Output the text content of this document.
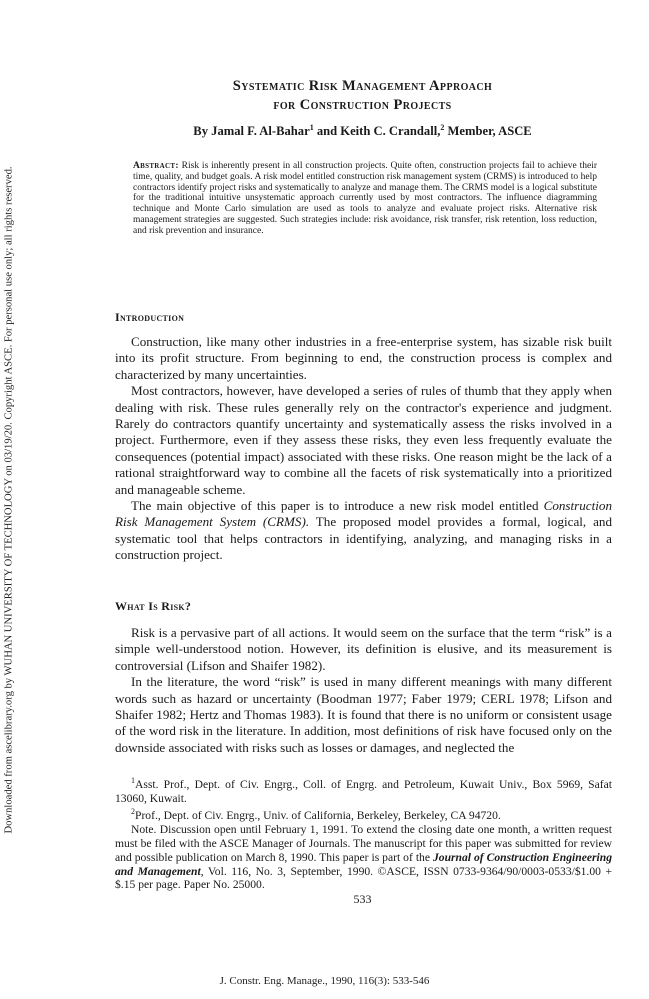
Downloaded from ascelibrary.org by WUHAN UNIVERSITY OF TECHNOLOGY on 03/19/20. Copyright ASCE. For personal use only; all rights reserved.
Systematic Risk Management Approach
for Construction Projects
By Jamal F. Al-Bahar$^1$ and Keith C. Crandall,$^2$ Member, ASCE
Abstract: Risk is inherently present in all construction projects. Quite often, construction projects fail to achieve their time, quality, and budget goals. A risk model entitled construction risk management system (CRMS) is introduced to help contractors identify project risks and systematically to analyze and manage them. The CRMS model is a logical substitute for the traditional intuitive unsystematic approach currently used by most contractors. The influence diagramming technique and Monte Carlo simulation are used as tools to analyze and evaluate project risks. Alternative risk management strategies are suggested. Such strategies include: risk avoidance, risk transfer, risk retention, loss reduction, and risk prevention and insurance.
Introduction

Construction, like many other industries in a free-enterprise system, has sizable risk built into its profit structure. From beginning to end, the construction process is complex and characterized by many uncertainties.

Most contractors, however, have developed a series of rules of thumb that they apply when dealing with risk. These rules generally rely on the contractor's experience and judgment. Rarely do contractors quantify uncertainty and systematically assess the risks involved in a project. Furthermore, even if they assess these risks, they even less frequently evaluate the consequences (potential impact) associated with these risks. One reason might be the lack of a rational straightforward way to combine all the facets of risk systematically into a prioritized and manageable scheme.

The main objective of this paper is to introduce a new risk model entitled Construction Risk Management System (CRMS). The proposed model provides a formal, logical, and systematic tool that helps contractors in identifying, analyzing, and managing risks in a construction project.

What Is Risk?

Risk is a pervasive part of all actions. It would seem on the surface that the term “risk” is a simple well-understood notion. However, its definition is elusive, and its measurement is controversial (Lifson and Shaifer 1982).

In the literature, the word “risk” is used in many different meanings with many different words such as hazard or uncertainty (Boodman 1977; Faber 1979; CERL 1978; Lifson and Shaifer 1982; Hertz and Thomas 1983). It is found that there is no uniform or consistent usage of the word risk in the literature. In addition, most definitions of risk have focused only on the downside associated with risks such as losses or damages, and neglected the

$^1$Asst. Prof., Dept. of Civ. Engrg., Coll. of Engrg. and Petroleum, Kuwait Univ., Box 5969, Safat 13060, Kuwait.

$^2$Prof., Dept. of Civ. Engrg., Univ. of California, Berkeley, Berkeley, CA 94720.

Note. Discussion open until February 1, 1991. To extend the closing date one month, a written request must be filed with the ASCE Manager of Journals. The manuscript for this paper was submitted for review and possible publication on March 8, 1990. This paper is part of the Journal of Construction Engineering and Management, Vol. 116, No. 3, September, 1990. ©ASCE, ISSN 0733-9364/90/0003-0533/$1.00 + $.15 per page. Paper No. 25000.

533
J. Constr. Eng. Manage., 1990, 116(3): 533-546
